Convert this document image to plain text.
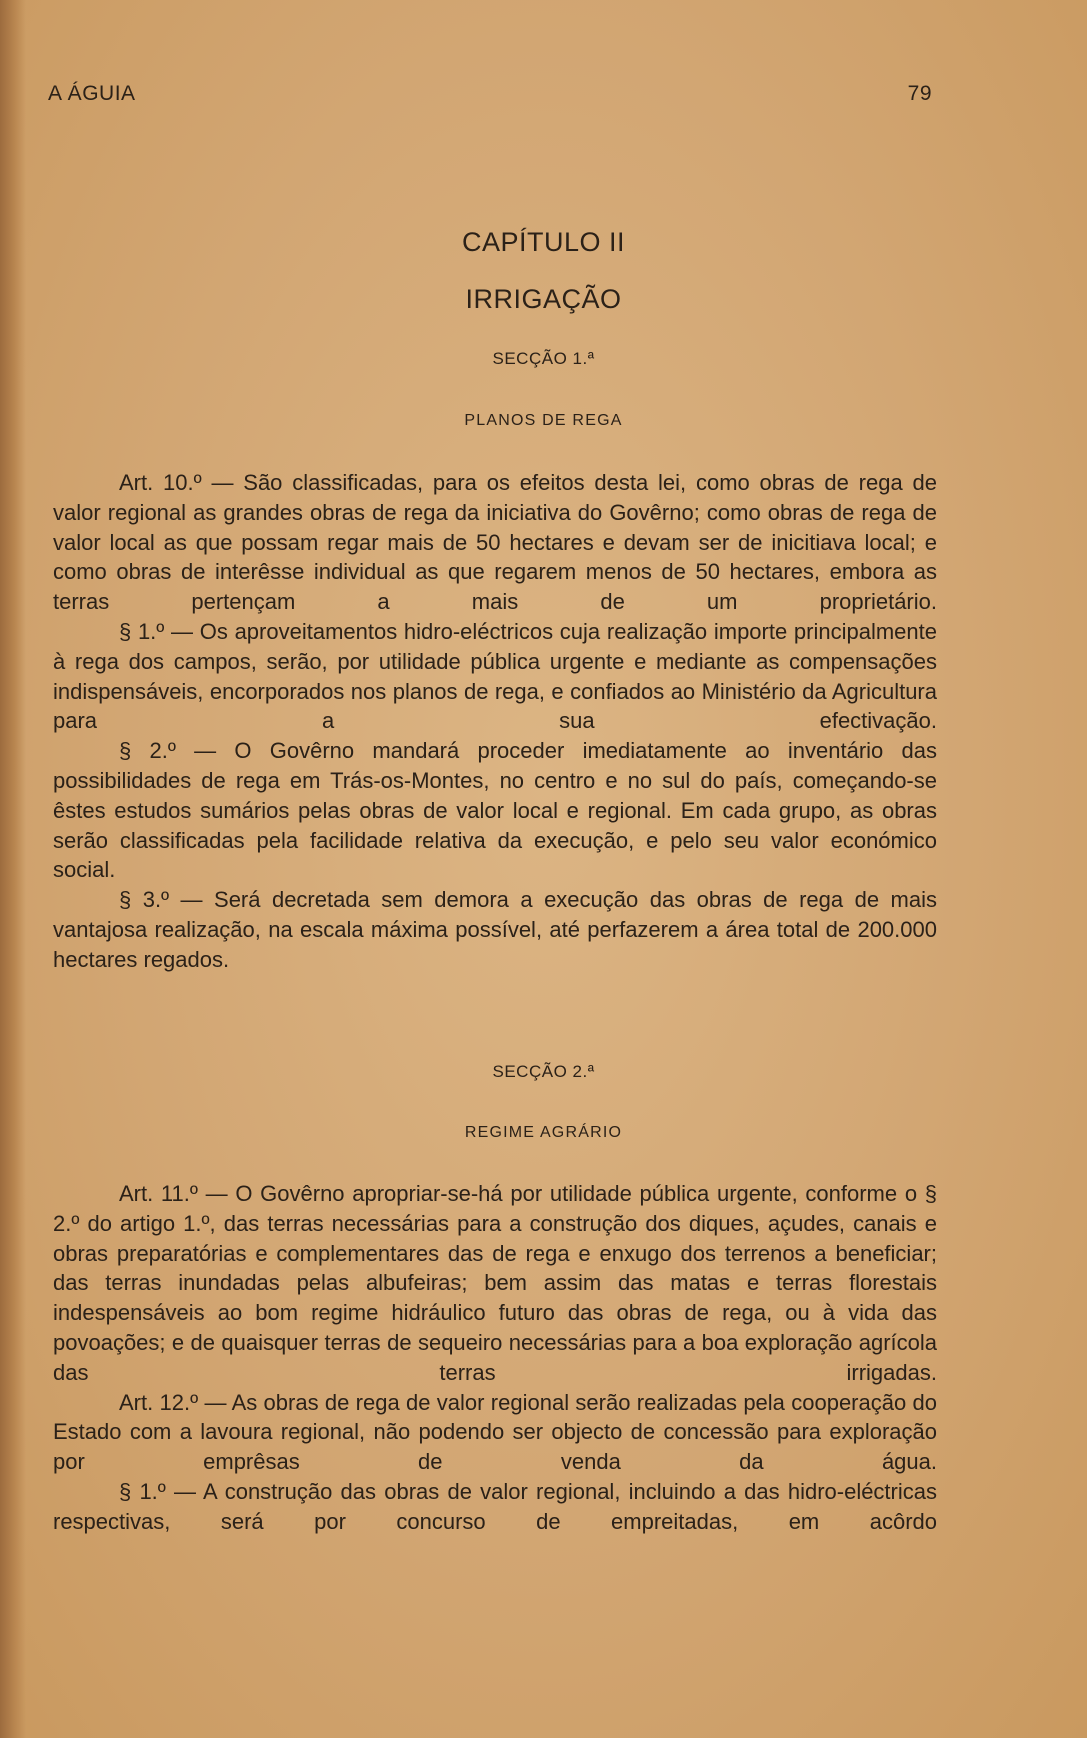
A ÁGUIA	79
CAPÍTULO II
IRRIGAÇÃO
SECÇÃO 1.ª
PLANOS DE REGA

Art. 10.º — São classificadas, para os efeitos desta lei, como obras de rega de valor regional as grandes obras de rega da iniciativa do Govêrno; como obras de rega de valor local as que possam regar mais de 50 hectares e devam ser de inicitiava local; e como obras de interêsse individual as que regarem menos de 50 hectares, embora as terras pertençam a mais de um proprietário.

§ 1.º — Os aproveitamentos hidro-eléctricos cuja realização importe principalmente à rega dos campos, serão, por utilidade pública urgente e mediante as compensações indispensáveis, encorporados nos planos de rega, e confiados ao Ministério da Agricultura para a sua efectivação.

§ 2.º — O Govêrno mandará proceder imediatamente ao inventário das possibilidades de rega em Trás-os-Montes, no centro e no sul do país, começando-se êstes estudos sumários pelas obras de valor local e regional. Em cada grupo, as obras serão classificadas pela facilidade relativa da execução, e pelo seu valor económico social.

§ 3.º — Será decretada sem demora a execução das obras de rega de mais vantajosa realização, na escala máxima possível, até perfazerem a área total de 200.000 hectares regados.

SECÇÃO 2.ª
REGIME AGRÁRIO

Art. 11.º — O Govêrno apropriar-se-há por utilidade pública urgente, conforme o § 2.º do artigo 1.º, das terras necessárias para a construção dos diques, açudes, canais e obras preparatórias e complementares das de rega e enxugo dos terrenos a beneficiar; das terras inundadas pelas albufeiras; bem assim das matas e terras florestais indespensáveis ao bom regime hidráulico futuro das obras de rega, ou à vida das povoações; e de quaisquer terras de sequeiro necessárias para a boa exploração agrícola das terras irrigadas.

Art. 12.º — As obras de rega de valor regional serão realizadas pela cooperação do Estado com a lavoura regional, não podendo ser objecto de concessão para exploração por emprêsas de venda da água.

§ 1.º — A construção das obras de valor regional, incluindo a das hidro-eléctricas respectivas, será por concurso de empreitadas, em acôrdo
